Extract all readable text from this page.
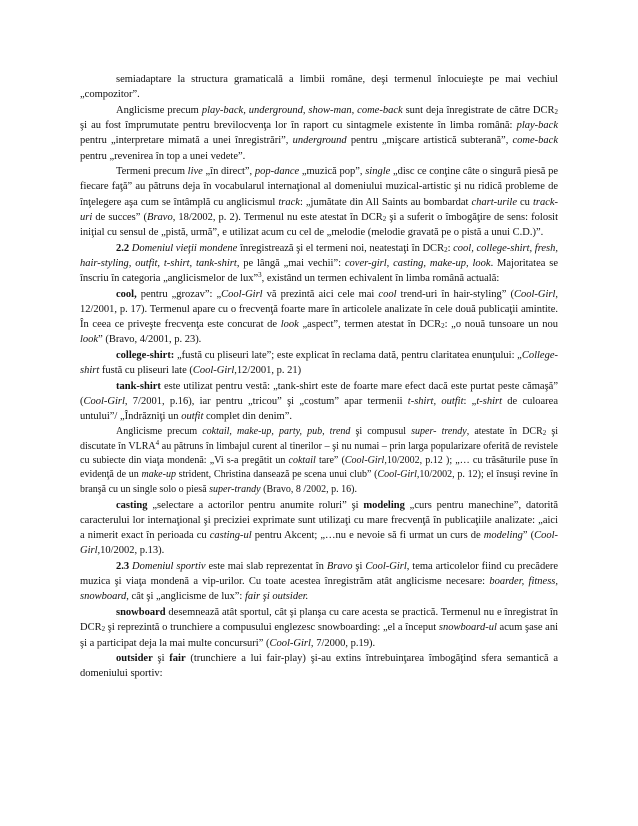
semiadaptare la structura gramaticală a limbii române, deşi termenul înlocuieşte pe mai vechiul „compozitor”.
Anglicisme precum play-back, underground, show-man, come-back sunt deja înregistrate de către $DCR_2$ şi au fost împrumutate pentru brevilocvenţa lor în raport cu sintagmele existente în limba română: play-back pentru „interpretare mimată a unei înregistrări”, underground pentru „mişcare artistică subterană”, come-back pentru „revenirea în top a unei vedete”.
Termeni precum live „în direct”, pop-dance „muzică pop”, single „disc ce conţine câte o singură piesă pe fiecare faţă” au pătruns deja în vocabularul internaţional al domeniului muzical-artistic şi nu ridică probleme de înţelegere aşa cum se întâmplă cu anglicismul track: „jumătate din All Saints au bombardat chart-urile cu track-uri de succes” (Bravo, 18/2002, p. 2). Termenul nu este atestat în $DCR_2$ şi a suferit o îmbogăţire de sens: folosit iniţial cu sensul de „pistă, urmă”, e utilizat acum cu cel de „melodie (melodie gravată pe o pistă a unui C.D.)”.
2.2 Domeniul vieţii mondene înregistrează şi el termeni noi, neatestaţi în $DCR_2$: cool, college-shirt, fresh, hair-styling, outfit, t-shirt, tank-shirt, pe lângă „mai vechii”: cover-girl, casting, make-up, look. Majoritatea se înscriu în categoria „anglicismelor de lux”$^3$, existând un termen echivalent în limba română actuală:
cool, pentru „grozav”: „Cool-Girl vă prezintă aici cele mai cool trend-uri în hair-styling” (Cool-Girl, 12/2001, p. 17). Termenul apare cu o frecvenţă foarte mare în articolele analizate în cele două publicaţii amintite. În ceea ce priveşte frecvenţa este concurat de look „aspect”, termen atestat în $DCR_2$: „o nouă tunsoare un nou look” (Bravo, 4/2001, p. 23).
college-shirt: „fustă cu pliseuri late”; este explicat în reclama dată, pentru claritatea enunţului: „College-shirt fustă cu pliseuri late (Cool-Girl,12/2001, p. 21)
tank-shirt este utilizat pentru vestă: „tank-shirt este de foarte mare efect dacă este purtat peste cămaşă” (Cool-Girl, 7/2001, p.16), iar pentru „tricou” şi „costum” apar termenii t-shirt, outfit: „t-shirt de culoarea untului”/ „Îndrăzniţi un outfit complet din denim”.
Anglicisme precum coktail, make-up, party, pub, trend şi compusul super- trendy, atestate în $DCR_2$ şi discutate în VLRA$^4$ au pătruns în limbajul curent al tinerilor – şi nu numai – prin larga popularizare oferită de revistele cu subiecte din viaţa mondenă: „Vi s-a pregătit un coktail tare” (Cool-Girl,10/2002, p.12 ); „… cu trăsăturile puse în evidenţă de un make-up strident, Christina dansează pe scena unui club” (Cool-Girl,10/2002, p. 12); el însuşi revine în branşă cu un single solo o piesă super-trandy (Bravo, 8 /2002, p. 16).
casting „selectare a actorilor pentru anumite roluri” şi modeling „curs pentru manechine”, datorită caracterului lor internaţional şi preciziei exprimate sunt utilizaţi cu mare frecvenţă în publicaţiile analizate: „aici a nimerit exact în perioada cu casting-ul pentru Akcent; „…nu e nevoie să fi urmat un curs de modeling” (Cool-Girl,10/2002, p.13).
2.3 Domeniul sportiv este mai slab reprezentat în Bravo şi Cool-Girl, tema articolelor fiind cu precădere muzica şi viaţa mondenă a vip-urilor. Cu toate acestea înregistrăm atât anglicisme necesare: boarder, fitness, snowboard, cât şi „anglicisme de lux”: fair şi outsider.
snowboard desemnează atât sportul, cât şi planşa cu care acesta se practică. Termenul nu e înregistrat în $DCR_2$ şi reprezintă o trunchiere a compusului englezesc snowboarding: „el a început snowboard-ul acum şase ani şi a participat deja la mai multe concursuri” (Cool-Girl, 7/2000, p.19).
outsider şi fair (trunchiere a lui fair-play) şi-au extins întrebuinţarea îmbogăţind sfera semantică a domeniului sportiv:
